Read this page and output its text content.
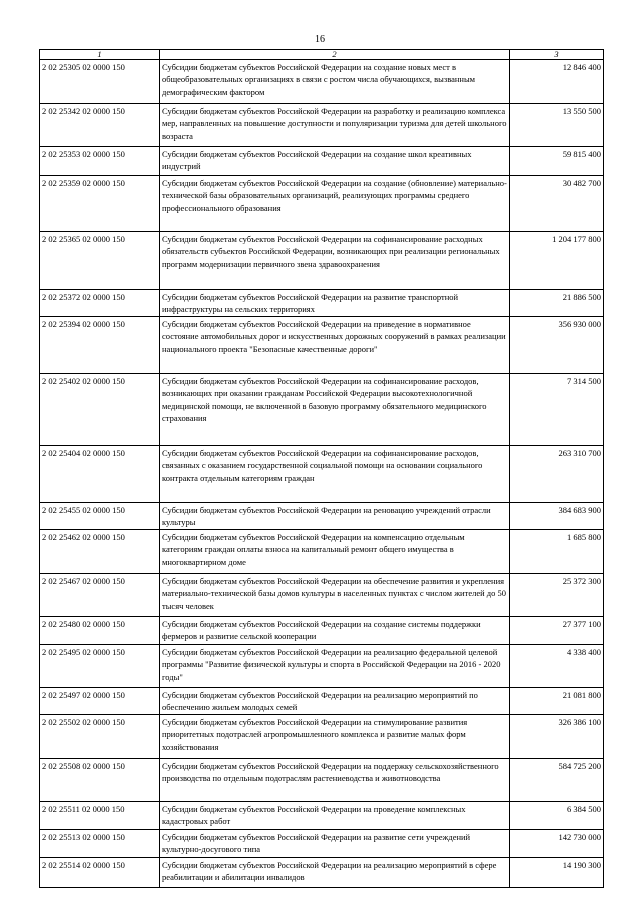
16
1	2	3
2 02 25305 02 0000 150	Субсидии бюджетам субъектов Российской Федерации на создание новых мест в общеобразовательных организациях в связи с ростом числа обучающихся, вызванным демографическим фактором	12 846 400
2 02 25342 02 0000 150	Субсидии бюджетам субъектов Российской Федерации на разработку и реализацию комплекса мер, направленных на повышение доступности и популяризации туризма для детей школьного возраста	13 550 500
2 02 25353 02 0000 150	Субсидии бюджетам субъектов Российской Федерации на создание школ креативных индустрий	59 815 400
2 02 25359 02 0000 150	Субсидии бюджетам субъектов Российской Федерации на создание (обновление) материально-технической базы образовательных организаций, реализующих программы среднего профессионального образования	30 482 700
2 02 25365 02 0000 150	Субсидии бюджетам субъектов Российской Федерации на софинансирование расходных обязательств субъектов Российской Федерации, возникающих при реализации региональных программ модернизации первичного звена здравоохранения	1 204 177 800
2 02 25372 02 0000 150	Субсидии бюджетам субъектов Российской Федерации на развитие транспортной инфраструктуры на сельских территориях	21 886 500
2 02 25394 02 0000 150	Субсидии бюджетам субъектов Российской Федерации на приведение в нормативное состояние автомобильных дорог и искусственных дорожных сооружений в рамках реализации национального проекта "Безопасные качественные дороги"	356 930 000
2 02 25402 02 0000 150	Субсидии бюджетам субъектов Российской Федерации на софинансирование расходов, возникающих при оказании гражданам Российской Федерации высокотехнологичной медицинской помощи, не включенной в базовую программу обязательного медицинского страхования	7 314 500
2 02 25404 02 0000 150	Субсидии бюджетам субъектов Российской Федерации на софинансирование расходов, связанных с оказанием государственной социальной помощи на основании социального контракта отдельным категориям граждан	263 310 700
2 02 25455 02 0000 150	Субсидии бюджетам субъектов Российской Федерации на реновацию учреждений отрасли культуры	384 683 900
2 02 25462 02 0000 150	Субсидии бюджетам субъектов Российской Федерации на компенсацию отдельным категориям граждан оплаты взноса на капитальный ремонт общего имущества в многоквартирном доме	1 685 800
2 02 25467 02 0000 150	Субсидии бюджетам субъектов Российской Федерации на обеспечение развития и укрепления материально-технической базы домов культуры в населенных пунктах с числом жителей до 50 тысяч человек	25 372 300
2 02 25480 02 0000 150	Субсидии бюджетам субъектов Российской Федерации на создание системы поддержки фермеров и развитие сельской кооперации	27 377 100
2 02 25495 02 0000 150	Субсидии бюджетам субъектов Российской Федерации на реализацию федеральной целевой программы "Развитие физической культуры и спорта в Российской Федерации на 2016 - 2020 годы"	4 338 400
2 02 25497 02 0000 150	Субсидии бюджетам субъектов Российской Федерации на реализацию мероприятий по обеспечению жильем молодых семей	21 081 800
2 02 25502 02 0000 150	Субсидии бюджетам субъектов Российской Федерации на стимулирование развития приоритетных подотраслей агропромышленного комплекса и развитие малых форм хозяйствования	326 386 100
2 02 25508 02 0000 150	Субсидии бюджетам субъектов Российской Федерации на поддержку сельскохозяйственного производства по отдельным подотраслям растениеводства и животноводства	584 725 200
2 02 25511 02 0000 150	Субсидии бюджетам субъектов Российской Федерации на проведение комплексных кадастровых работ	6 384 500
2 02 25513 02 0000 150	Субсидии бюджетам субъектов Российской Федерации на развитие сети учреждений культурно-досугового типа	142 730 000
2 02 25514 02 0000 150	Субсидии бюджетам субъектов Российской Федерации на реализацию мероприятий в сфере реабилитации и абилитации инвалидов	14 190 300
